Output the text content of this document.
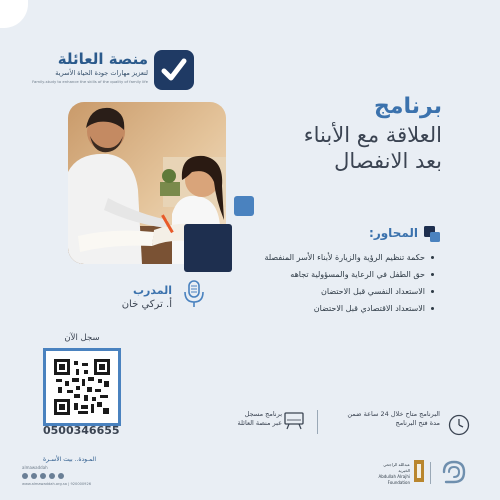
منصة العائلة
لتعزيز مهارات جودة الحياة الأسرية
Family-study to enhance the skills of the quality of family life
برنامج
العلاقة مع الأبناء
بعد الانفصال
المحاور:
حكمة تنظيم الرؤية والزيارة لأبناء الأسر المنفصلة
حق الطفل في الرعاية والمسؤولية تجاهه
الاستعداد النفسي قبل الاحتضان
الاستعداد الاقتصادي قبل الاحتضان
المدرب
أ. تركي خان
سجل الآن
0500346655
برنامج مسجل
عبر منصة العائلة
البرنامج متاح خلال 24 ساعة ضمن
مدة فتح البرنامج
المـودة.. بيت الأسـرة
almawaddah
www.almawaddah.org.sa | 920000926
عبدالله الراجحي الخيرية
Abdullah Alrajhi Foundation
